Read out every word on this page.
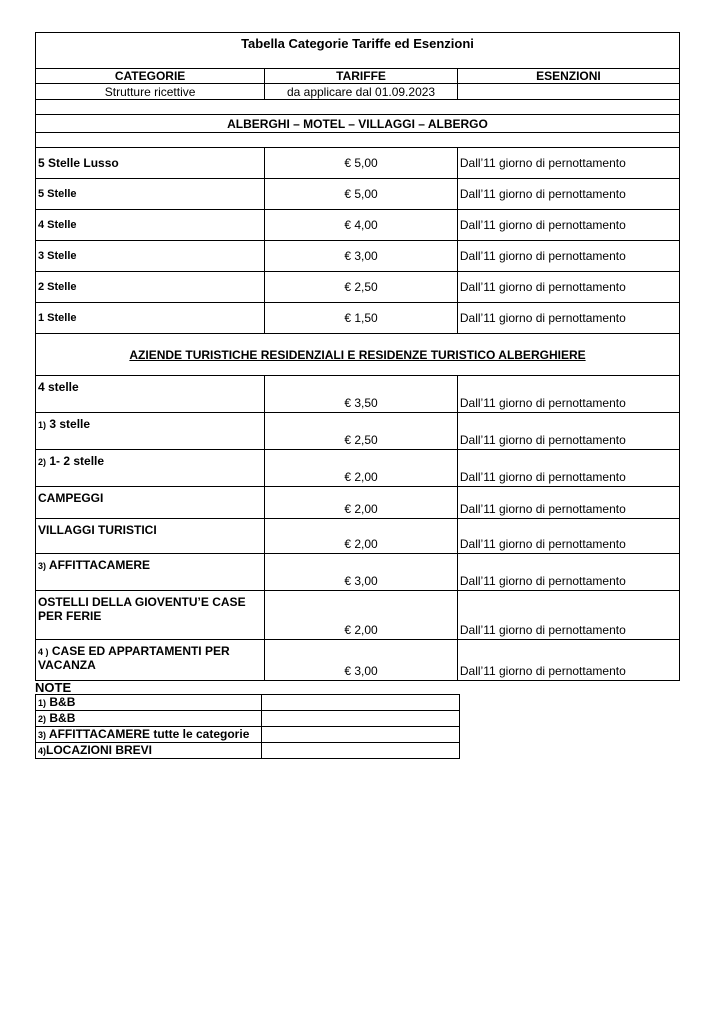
Tabella Categorie Tariffe ed Esenzioni		
CATEGORIE	TARIFFE	ESENZIONI
Strutture ricettive	da applicare dal 01.09.2023	

ALBERGHI – MOTEL – VILLAGGI – ALBERGO		

5 Stelle Lusso	€ 5,00	Dall’11 giorno di pernottamento
5 Stelle	€ 5,00	Dall’11 giorno di pernottamento
4 Stelle	€ 4,00	Dall’11 giorno di pernottamento
3 Stelle	€ 3,00	Dall’11 giorno di pernottamento
2 Stelle	€ 2,50	Dall’11 giorno di pernottamento
1 Stelle	€ 1,50	Dall’11 giorno di pernottamento
AZIENDE TURISTICHE RESIDENZIALI E RESIDENZE TURISTICO ALBERGHIERE		
4 stelle	€ 3,50	Dall’11 giorno di pernottamento
1) 3 stelle	€ 2,50	Dall’11 giorno di pernottamento
2) 1- 2 stelle	€ 2,00	Dall’11 giorno di pernottamento
CAMPEGGI	€ 2,00	Dall’11 giorno di pernottamento
VILLAGGI TURISTICI	€ 2,00	Dall’11 giorno di pernottamento
3) AFFITTACAMERE	€ 3,00	Dall’11 giorno di pernottamento
OSTELLI DELLA GIOVENTU’E CASE PER FERIE	€ 2,00	Dall’11 giorno di pernottamento
4 ) CASE ED APPARTAMENTI PER VACANZA	€ 3,00	Dall’11 giorno di pernottamento
NOTE
1) B&B	
2) B&B	
3) AFFITTACAMERE tutte le categorie	
4)LOCAZIONI BREVI	
